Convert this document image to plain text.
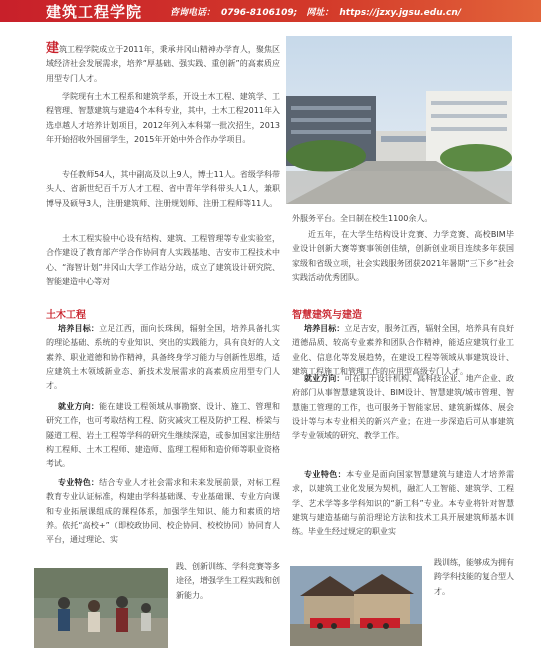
建筑工程学院	咨询电话： 0796-8106109; 网址： https://jzxy.jgsu.edu.cn/

建筑工程学院成立于2011年，秉承井冈山精神办学育人，聚焦区域经济社会发展需求，培养“厚基础、强实践、重创新”的高素质应用型专门人才。

学院现有土木工程系和建筑学系，开设土木工程、建筑学、工程管理、智慧建筑与建造4个本科专业，其中，土木工程2011年入选卓越人才培养计划项目，2012年列入本科第一批次招生，2013年开始招收外国留学生，2015年开始中外合作办学项目。

专任教师54人，其中副高及以上9人，博士11人。省级学科带头人、省新世纪百千万人才工程、省中青年学科带头人1人，兼职博导及硕导3人，注册建筑师、注册规划师、注册工程师等11人。

土木工程实验中心设有结构、建筑、工程管理等专业实验室，合作建设了教育部产学合作协同育人实践基地、吉安市工程技术中心、“海智计划”井冈山大学工作站分站，成立了建筑设计研究院、智能建造中心等对

外服务平台。全日制在校生1100余人。

近五年，在大学生结构设计竞赛、力学竞赛、高校BIM毕业设计创新大赛等赛事领创佳绩，创新创业项目连续多年获国家级和省级立项，社会实践服务团获2021年暑期“三下乡”社会实践活动优秀团队。

土木工程

培养目标：立足江西，面向长珠闽，辐射全国，培养具备扎实的理论基础、系统的专业知识、突出的实践能力，具有良好的人文素养、职业道德和协作精神，具备终身学习能力与创新性思维，适应建筑土木领域新业态、新技术发展需求的高素质应用型专门人才。

就业方向：能在建设工程领域从事勘察、设计、施工、管理和研究工作，也可考取结构工程、防灾减灾工程及防护工程、桥梁与隧道工程、岩土工程等学科的研究生继续深造，或参加国家注册结构工程师、土木工程师、建造师、监理工程师和造价师等职业资格考试。

专业特色：结合专业人才社会需求和未来发展前景，对标工程教育专业认证标准，构建由学科基础课、专业基础课、专业方向课和专业拓展课组成的课程体系，加强学生知识、能力和素质的培养。依托“高校+”（即校政协同、校企协同、校校协同）协同育人平台，通过理论、实

践、创新训练、学科竞赛等多途径，增强学生工程实践和创新能力。

智慧建筑与建造

培养目标：立足吉安，服务江西，辐射全国，培养具有良好道德品质、较高专业素养和团队合作精神，能适应建筑行业工业化、信息化等发展趋势，在建设工程等领域从事建筑设计、建筑工程施工和管理工作的应用型高级专门人才。

就业方向：可在职于设计机构、高科技企业、地产企业、政府部门从事智慧建筑设计、BIM设计、智慧建筑/城市管理、智慧施工管理的工作，也可服务于智能家居、建筑新媒体、展会设计等与本专业相关的新兴产业；在进一步深造后可从事建筑学专业领域的研究、教学工作。

专业特色：本专业是面向国家智慧建筑与建造人才培养需求，以建筑工业化发展为契机，融汇人工智能、建筑学、工程学、艺术学等多学科知识的“新工科”专业。本专业将针对智慧建筑与建造基础与前沿理论方法和技术工具开展建筑师基本训练。毕业生经过规定的职业实

践训练，能够成为拥有跨学科技能的复合型人才。
